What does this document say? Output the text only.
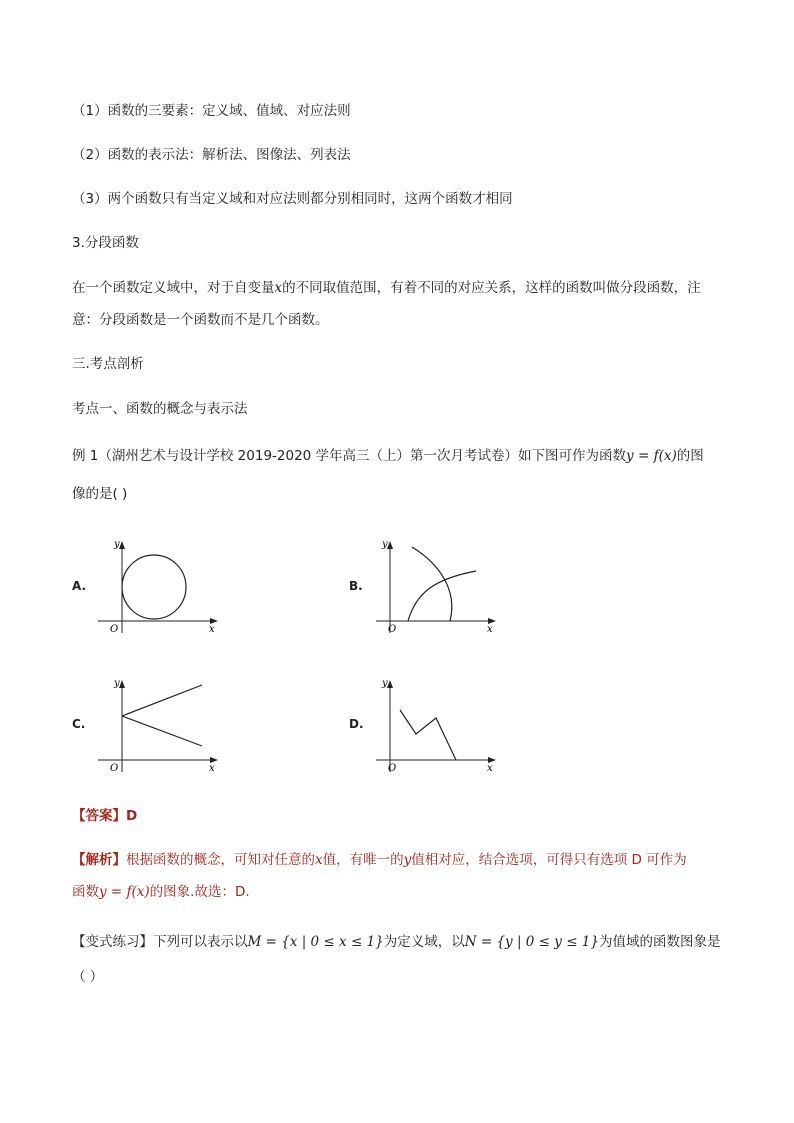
（1）函数的三要素：定义域、值域、对应法则
（2）函数的表示法：解析法、图像法、列表法
（3）两个函数只有当定义域和对应法则都分别相同时，这两个函数才相同
3.分段函数
在一个函数定义域中，对于自变量x的不同取值范围，有着不同的对应关系，这样的函数叫做分段函数，注
意：分段函数是一个函数而不是几个函数。
三.考点剖析
考点一、函数的概念与表示法
例 1（湖州艺术与设计学校 2019-2020 学年高三（上）第一次月考试卷）如下图可作为函数y = f(x)的图
像的是( )
A.
y
x
O
B.
y
x
O
C.
y
x
O
D.
y
x
O
【答案】D
【解析】根据函数的概念，可知对任意的x值，有唯一的y值相对应，结合选项，可得只有选项 D 可作为
函数y = f(x)的图象.故选：D.
【变式练习】下列可以表示以M = {x | 0 ≤ x ≤ 1}为定义域，以N = {y | 0 ≤ y ≤ 1}为值域的函数图象是
（ ）
